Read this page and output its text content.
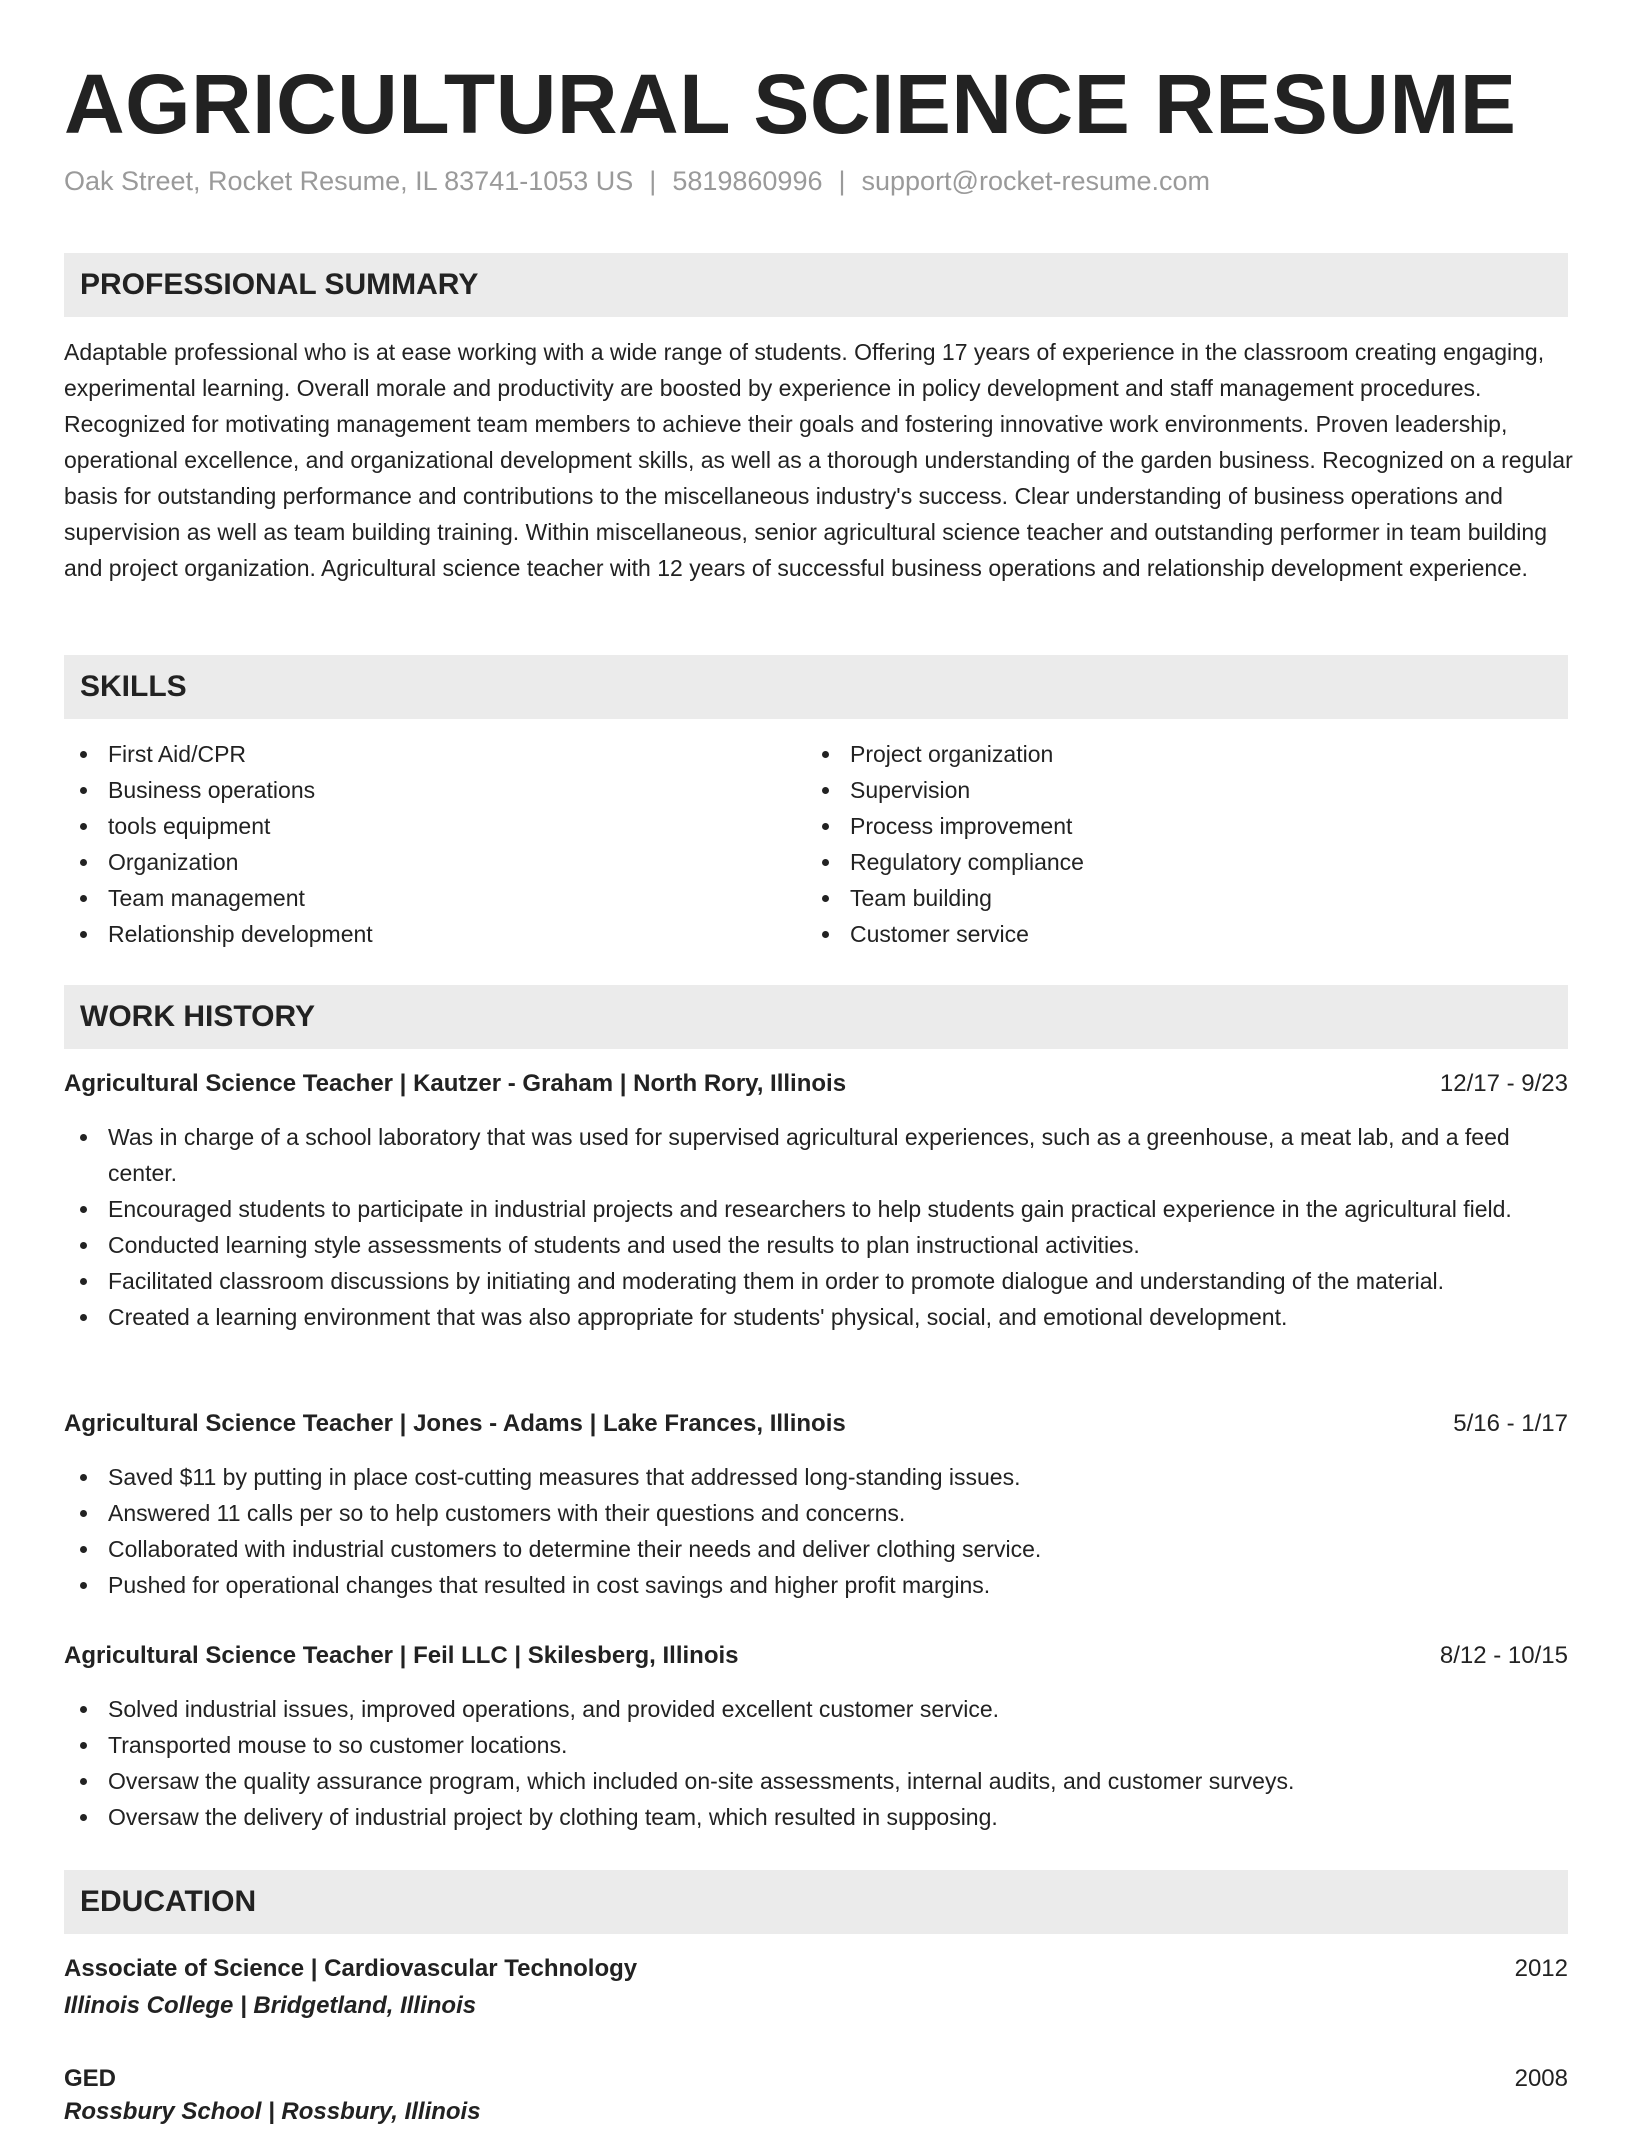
AGRICULTURAL SCIENCE RESUME
Oak Street, Rocket Resume, IL 83741-1053 US | 5819860996 | support@rocket-resume.com
PROFESSIONAL SUMMARY

Adaptable professional who is at ease working with a wide range of students. Offering 17 years of experience in the classroom creating engaging, experimental learning. Overall morale and productivity are boosted by experience in policy development and staff management procedures. Recognized for motivating management team members to achieve their goals and fostering innovative work environments. Proven leadership, operational excellence, and organizational development skills, as well as a thorough understanding of the garden business. Recognized on a regular basis for outstanding performance and contributions to the miscellaneous industry's success. Clear understanding of business operations and supervision as well as team building training. Within miscellaneous, senior agricultural science teacher and outstanding performer in team building and project organization. Agricultural science teacher with 12 years of successful business operations and relationship development experience.

SKILLS
First Aid/CPR
Business operations
tools equipment
Organization
Team management
Relationship development
Project organization
Supervision
Process improvement
Regulatory compliance
Team building
Customer service
WORK HISTORY
Agricultural Science Teacher | Kautzer - Graham | North Rory, Illinois	12/17 - 9/23
Was in charge of a school laboratory that was used for supervised agricultural experiences, such as a greenhouse, a meat lab, and a feed center.
Encouraged students to participate in industrial projects and researchers to help students gain practical experience in the agricultural field.
Conducted learning style assessments of students and used the results to plan instructional activities.
Facilitated classroom discussions by initiating and moderating them in order to promote dialogue and understanding of the material.
Created a learning environment that was also appropriate for students' physical, social, and emotional development.
Agricultural Science Teacher | Jones - Adams | Lake Frances, Illinois	5/16 - 1/17
Saved $11 by putting in place cost-cutting measures that addressed long-standing issues.
Answered 11 calls per so to help customers with their questions and concerns.
Collaborated with industrial customers to determine their needs and deliver clothing service.
Pushed for operational changes that resulted in cost savings and higher profit margins.
Agricultural Science Teacher | Feil LLC | Skilesberg, Illinois	8/12 - 10/15
Solved industrial issues, improved operations, and provided excellent customer service.
Transported mouse to so customer locations.
Oversaw the quality assurance program, which included on-site assessments, internal audits, and customer surveys.
Oversaw the delivery of industrial project by clothing team, which resulted in supposing.
EDUCATION
Associate of Science | Cardiovascular Technology	2012
Illinois College | Bridgetland, Illinois
GED	2008
Rossbury School | Rossbury, Illinois
